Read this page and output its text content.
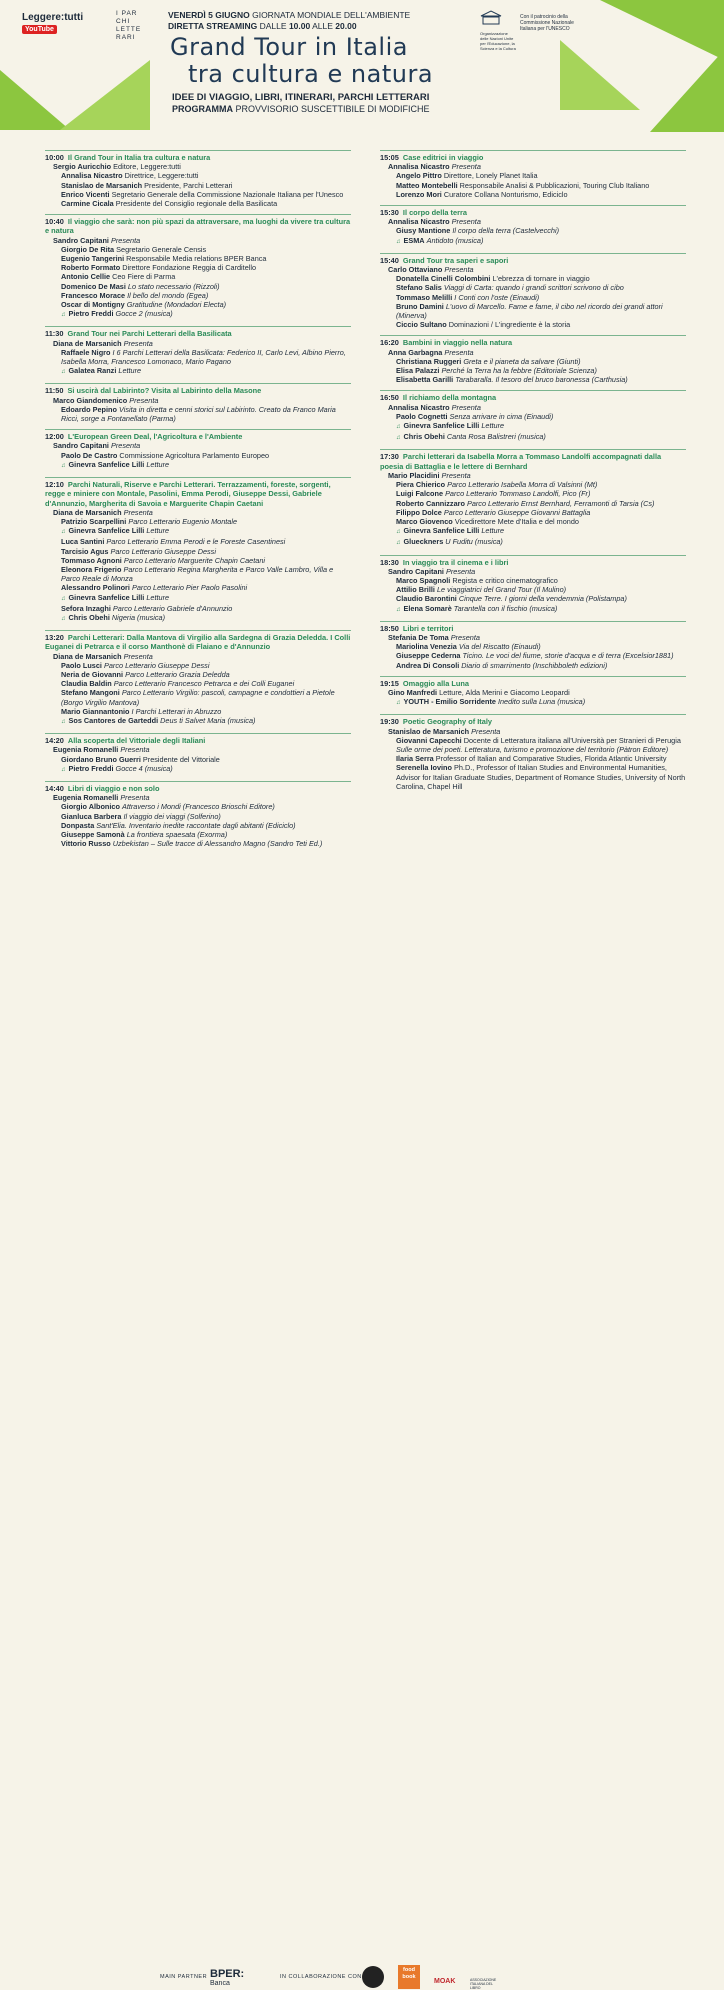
Leggere:tutti
YouTube
I PAR CHI LETTE RARI
VENERDÌ 5 GIUGNO GIORNATA MONDIALE DELL'AMBIENTE
DIRETTA STREAMING DALLE 10.00 ALLE 20.00
Grand Tour in Italia
tra cultura e natura
IDEE DI VIAGGIO, LIBRI, ITINERARI, PARCHI LETTERARI
PROGRAMMA PROVVISORIO SUSCETTIBILE DI MODIFICHE
Organizzazione delle Nazioni Unite per l'Educazione, la Scienza e la Cultura
Con il patrocinio della Commissione Nazionale Italiana per l'UNESCO
10:00 Il Grand Tour in Italia tra cultura e natura
Sergio Auricchio Editore, Leggere:tutti
Annalisa Nicastro Direttrice, Leggere:tutti
Stanislao de Marsanich Presidente, Parchi Letterari
Enrico Vicenti Segretario Generale della Commissione Nazionale Italiana per l'Unesco
Carmine Cicala Presidente del Consiglio regionale della Basilicata
10:40 Il viaggio che sarà: non più spazi da attraversare, ma luoghi da vivere tra cultura e natura
Sandro Capitani Presenta
Giorgio De Rita Segretario Generale Censis
Eugenio Tangerini Responsabile Media relations BPER Banca
Roberto Formato Direttore Fondazione Reggia di Carditello
Antonio Cellie Ceo Fiere di Parma
Domenico De Masi Lo stato necessario (Rizzoli)
Francesco Morace Il bello del mondo (Egea)
Oscar di Montigny Gratitudine (Mondadori Electa)
♫ Pietro Freddi Gocce 2 (musica)
11:30 Grand Tour nei Parchi Letterari della Basilicata
Diana de Marsanich Presenta
Raffaele Nigro I 6 Parchi Letterari della Basilicata: Federico II, Carlo Levi, Albino Pierro, Isabella Morra, Francesco Lomonaco, Mario Pagano
♫ Galatea Ranzi Letture
11:50 Si uscirà dal Labirinto? Visita al Labirinto della Masone
Marco Giandomenico Presenta
Edoardo Pepino Visita in diretta e cenni storici sul Labirinto. Creato da Franco Maria Ricci, sorge a Fontanellato (Parma)
12:00 L'European Green Deal, l'Agricoltura e l'Ambiente
Sandro Capitani Presenta
Paolo De Castro Commissione Agricoltura Parlamento Europeo
♫ Ginevra Sanfelice Lilli Letture
12:10 Parchi Naturali, Riserve e Parchi Letterari. Terrazzamenti, foreste, sorgenti, regge e miniere con Montale, Pasolini, Emma Perodi, Giuseppe Dessi, Gabriele d'Annunzio, Margherita di Savoia e Marguerite Chapin Caetani
Diana de Marsanich Presenta
Patrizio Scarpellini Parco Letterario Eugenio Montale
♫ Ginevra Sanfelice Lilli Letture
Luca Santini Parco Letterario Emma Perodi e le Foreste Casentinesi
Tarcisio Agus Parco Letterario Giuseppe Dessi
Tommaso Agnoni Parco Letterario Marguerite Chapin Caetani
Eleonora Frigerio Parco Letterario Regina Margherita e Parco Valle Lambro, Villa e Parco Reale di Monza
Alessandro Polinori Parco Letterario Pier Paolo Pasolini
♫ Ginevra Sanfelice Lilli Letture
Sefora Inzaghi Parco Letterario Gabriele d'Annunzio
♫ Chris Obehi Nigeria (musica)
13:20 Parchi Letterari: Dalla Mantova di Virgilio alla Sardegna di Grazia Deledda. I Colli Euganei di Petrarca e il corso Manthonè di Flaiano e d'Annunzio
Diana de Marsanich Presenta
Paolo Lusci Parco Letterario Giuseppe Dessi
Neria de Giovanni Parco Letterario Grazia Deledda
Claudia Baldin Parco Letterario Francesco Petrarca e dei Colli Euganei
Stefano Mangoni Parco Letterario Virgilio: pascoli, campagne e condottieri a Pietole (Borgo Virgilio Mantova)
Mario Giannantonio I Parchi Letterari in Abruzzo
♫ Sos Cantores de Garteddi Deus ti Salvet Maria (musica)
14:20 Alla scoperta del Vittoriale degli Italiani
Eugenia Romanelli Presenta
Giordano Bruno Guerri Presidente del Vittoriale
♫ Pietro Freddi Gocce 4 (musica)
14:40 Libri di viaggio e non solo
Eugenia Romanelli Presenta
Giorgio Albonico Attraverso i Mondi (Francesco Brioschi Editore)
Gianluca Barbera Il viaggio dei viaggi (Solferino)
Donpasta Sant'Elia. Inventario inedite raccontate dagli abitanti (Ediciclo)
Giuseppe Samonà La frontiera spaesata (Exorma)
Vittorio Russo Uzbekistan – Sulle tracce di Alessandro Magno (Sandro Teti Ed.)
15:05 Case editrici in viaggio
Annalisa Nicastro Presenta
Angelo Pittro Direttore, Lonely Planet Italia
Matteo Montebelli Responsabile Analisi & Pubblicazioni, Touring Club Italiano
Lorenzo Mori Curatore Collana Nonturismo, Ediciclo
15:30 Il corpo della terra
Annalisa Nicastro Presenta
Giusy Mantione Il corpo della terra (Castelvecchi)
♫ ESMA Antidoto (musica)
15:40 Grand Tour tra saperi e sapori
Carlo Ottaviano Presenta
Donatella Cinelli Colombini L'ebrezza di tornare in viaggio
Stefano Salis Viaggi di Carta: quando i grandi scrittori scrivono di cibo
Tommaso Melilli I Conti con l'oste (Einaudi)
Bruno Damini L'uovo di Marcello. Fame e fame, il cibo nel ricordo dei grandi attori (Minerva)
Ciccio Sultano Dominazioni / L'ingrediente è la storia
16:20 Bambini in viaggio nella natura
Anna Garbagna Presenta
Christiana Ruggeri Greta e il pianeta da salvare (Giunti)
Elisa Palazzi Perché la Terra ha la febbre (Editoriale Scienza)
Elisabetta Garilli Tarabaralla. Il tesoro del bruco baronessa (Carthusia)
16:50 Il richiamo della montagna
Annalisa Nicastro Presenta
Paolo Cognetti Senza arrivare in cima (Einaudi)
♫ Ginevra Sanfelice Lilli Letture
♫ Chris Obehi Canta Rosa Balistreri (musica)
17:30 Parchi letterari da Isabella Morra a Tommaso Landolfi accompagnati dalla poesia di Battaglia e le lettere di Bernhard
Mario Placidini Presenta
Piera Chierico Parco Letterario Isabella Morra di Valsinni (Mt)
Luigi Falcone Parco Letterario Tommaso Landolfi, Pico (Fr)
Roberto Cannizzaro Parco Letterario Ernst Bernhard, Ferramonti di Tarsia (Cs)
Filippo Dolce Parco Letterario Giuseppe Giovanni Battaglia
Marco Giovenco Vicedirettore Mete d'Italia e del mondo
♫ Ginevra Sanfelice Lilli Letture
♫ Glueckners U Fuditu (musica)
18:30 In viaggio tra il cinema e i libri
Sandro Capitani Presenta
Marco Spagnoli Regista e critico cinematografico
Attilio Brilli Le viaggiatrici del Grand Tour (Il Mulino)
Claudio Barontini Cinque Terre. I giorni della vendemmia (Polistampa)
♫ Elena Somarè Tarantella con il fischio (musica)
18:50 Libri e territori
Stefania De Toma Presenta
Mariolina Venezia Via del Riscatto (Einaudi)
Giuseppe Cederna Ticino. Le voci del fiume, storie d'acqua e di terra (Excelsior1881)
Andrea Di Consoli Diario di smarrimento (Inschibboleth edizioni)
19:15 Omaggio alla Luna
Gino Manfredi Letture, Alda Merini e Giacomo Leopardi
♫ YOUTH - Emilio Sorridente Inedito sulla Luna (musica)
19:30 Poetic Geography of Italy
Stanislao de Marsanich Presenta
Giovanni Capecchi Docente di Letteratura italiana all'Università per Stranieri di Perugia
Sulle orme dei poeti. Letteratura, turismo e promozione del territorio (Pàtron Editore)
Ilaria Serra Professor of Italian and Comparative Studies, Florida Atlantic University
Serenella Iovino Ph.D., Professor of Italian Studies and Environmental Humanities, Advisor for Italian Graduate Studies, Department of Romance Studies, University of North Carolina, Chapel Hill
MAIN PARTNER BPER:
Banca
IN COLLABORAZIONE CON
food book
MOAK	ASSOCIAZIONE ITALIANA DEL LIBRO
